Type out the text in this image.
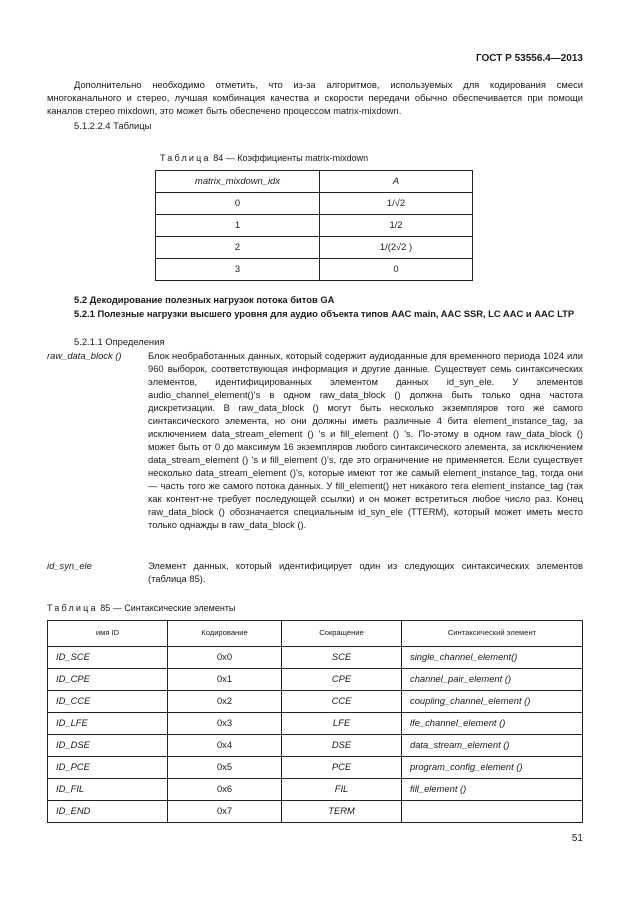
ГОСТ Р 53556.4—2013
Дополнительно необходимо отметить, что из-за алгоритмов, используемых для кодирования смеси многоканального и стерео, лучшая комбинация качества и скорости передачи обычно обеспечивается при помощи каналов стерео mixdown, это может быть обеспечено процессом matrix-mixdown.
5.1.2.2.4 Таблицы
Таблица 84 — Коэффициенты matrix-mixdown
matrix_mixdown_idx	A
0	1/√2
1	1/2
2	1/(2√2 )
3	0
5.2 Декодирование полезных нагрузок потока битов GA
5.2.1 Полезные нагрузки высшего уровня для аудио объекта типов AAC main, AAC SSR, LC AAC и AAC LTP
5.2.1.1 Определения
raw_data_block ()	Блок необработанных данных, который содержит аудиоданные для временного периода 1024 или 960 выборок, соответствующая информация и другие данные. Существует семь синтаксических элементов, идентифицированных элементом данных id_syn_ele. У элементов audio_channel_element()'s в одном raw_data_block () должна быть только одна частота дискретизации. В raw_data_block () могут быть несколько экземпляров того же самого синтаксического элемента, но они должны иметь различные 4 бита element_instance_tag, за исключением data_stream_element () 's и fill_element () 's. По-этому в одном raw_data_block () может быть от 0 до максимум 16 экземпляров любого синтаксического элемента, за исключением data_stream_element () 's и fill_element ()'s, где это ограничение не применяется. Если существует несколько data_stream_element ()'s, которые имеют тот же самый element_instance_tag, тогда они — часть того же самого потока данных. У fill_element() нет никакого тега element_instance_tag (так как контент-не требует последующей ссылки) и он может встретиться любое число раз. Конец raw_data_block () обозначается специальным id_syn_ele (TTERM), который может иметь место только однажды в raw_data_block ().
id_syn_ele	Элемент данных, который идентифицирует один из следующих синтаксических элементов (таблица 85).
Таблица 85 — Синтаксические элементы
имя ID	Кодирование	Сокращение	Синтаксический элемент
ID_SCE	0x0	SCE	single_channel_element()
ID_CPE	0x1	CPE	channel_pair_element ()
ID_CCE	0x2	CCE	coupling_channel_element ()
ID_LFE	0x3	LFE	lfe_channel_element ()
ID_DSE	0x4	DSE	data_stream_element ()
ID_PCE	0x5	PCE	program_config_element ()
ID_FIL	0x6	FIL	fill_element ()
ID_END	0x7	TERM	
51
